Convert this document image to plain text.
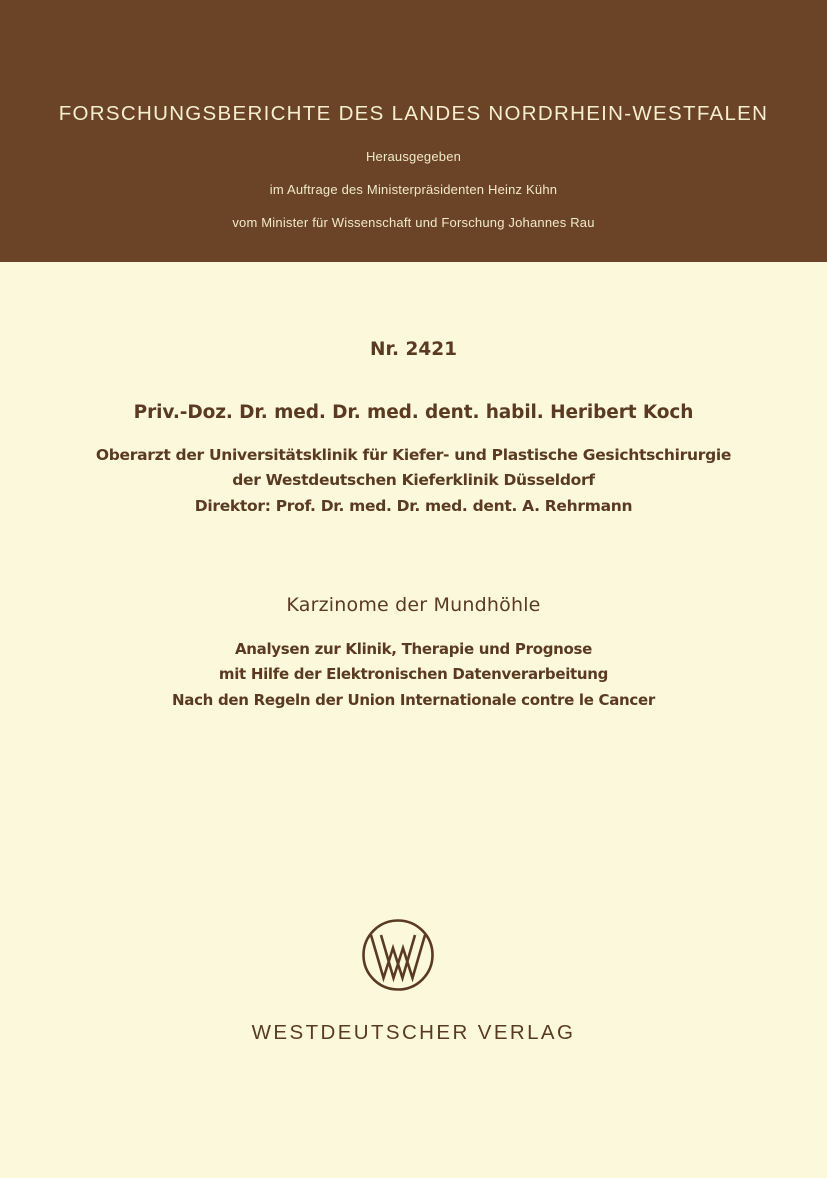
FORSCHUNGSBERICHTE DES LANDES NORDRHEIN-WESTFALEN
Herausgegeben
im Auftrage des Ministerpräsidenten Heinz Kühn
vom Minister für Wissenschaft und Forschung Johannes Rau
Nr. 2421
Priv.-Doz. Dr. med. Dr. med. dent. habil. Heribert Koch
Oberarzt der Universitätsklinik für Kiefer- und Plastische Gesichtschirurgie
der Westdeutschen Kieferklinik Düsseldorf
Direktor: Prof. Dr. med. Dr. med. dent. A. Rehrmann
Karzinome der Mundhöhle
Analysen zur Klinik, Therapie und Prognose
mit Hilfe der Elektronischen Datenverarbeitung
Nach den Regeln der Union Internationale contre le Cancer
WESTDEUTSCHER VERLAG
